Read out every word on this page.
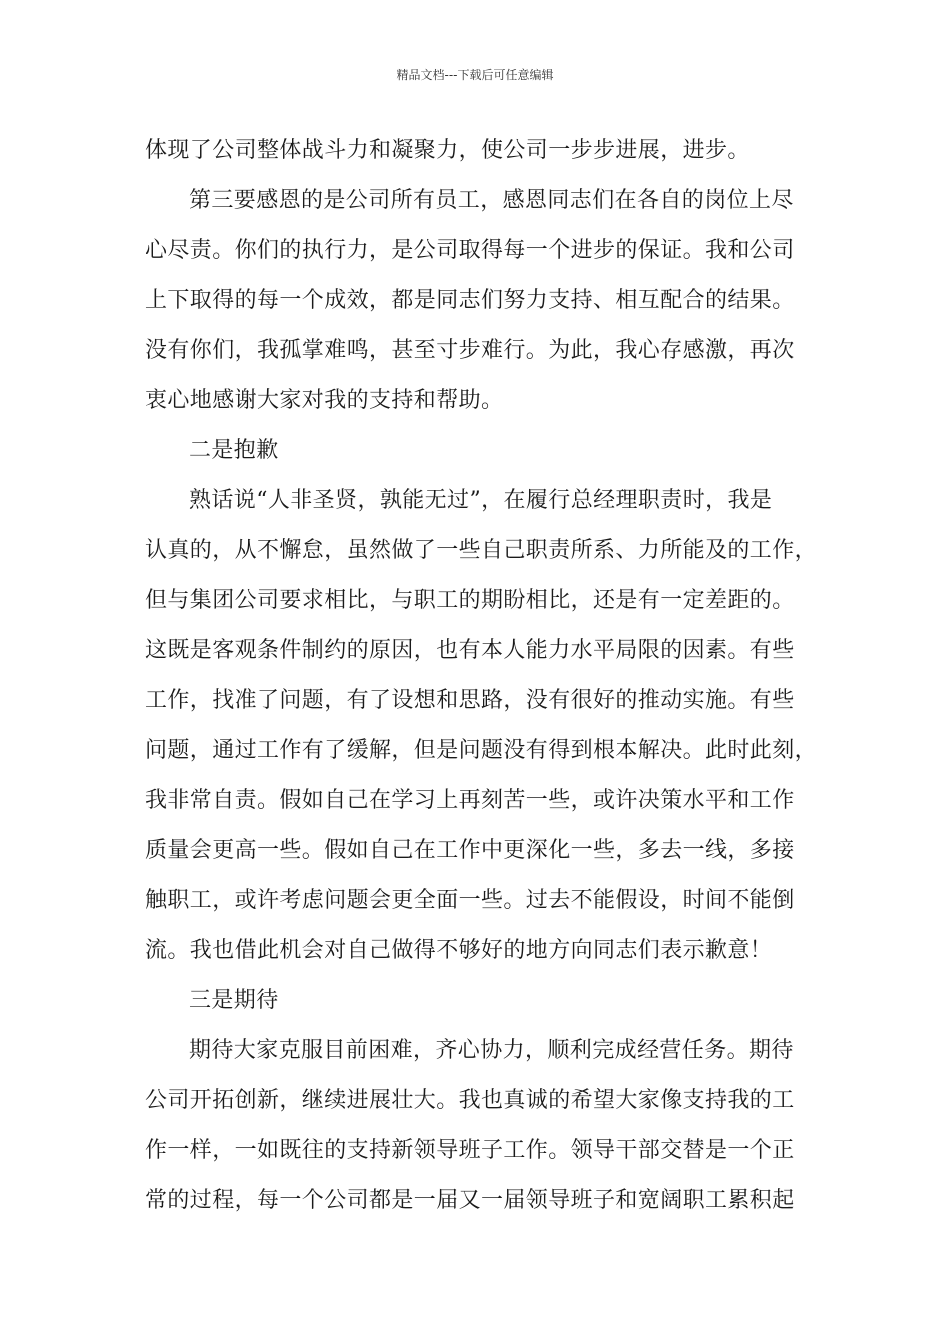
精品文档---下载后可任意编辑
体现了公司整体战斗力和凝聚力，使公司一步步进展，进步。
第三要感恩的是公司所有员工，感恩同志们在各自的岗位上尽
心尽责。你们的执行力，是公司取得每一个进步的保证。我和公司
上下取得的每一个成效，都是同志们努力支持、相互配合的结果。
没有你们，我孤掌难鸣，甚至寸步难行。为此，我心存感激，再次
衷心地感谢大家对我的支持和帮助。
二是抱歉
熟话说“人非圣贤，孰能无过”，在履行总经理职责时，我是
认真的，从不懈怠，虽然做了一些自己职责所系、力所能及的工作，
但与集团公司要求相比，与职工的期盼相比，还是有一定差距的。
这既是客观条件制约的原因，也有本人能力水平局限的因素。有些
工作，找准了问题，有了设想和思路，没有很好的推动实施。有些
问题，通过工作有了缓解，但是问题没有得到根本解决。此时此刻，
我非常自责。假如自己在学习上再刻苦一些，或许决策水平和工作
质量会更高一些。假如自己在工作中更深化一些，多去一线，多接
触职工，或许考虑问题会更全面一些。过去不能假设，时间不能倒
流。我也借此机会对自己做得不够好的地方向同志们表示歉意！
三是期待
期待大家克服目前困难，齐心协力，顺利完成经营任务。期待
公司开拓创新，继续进展壮大。我也真诚的希望大家像支持我的工
作一样，一如既往的支持新领导班子工作。领导干部交替是一个正
常的过程，每一个公司都是一届又一届领导班子和宽阔职工累积起
